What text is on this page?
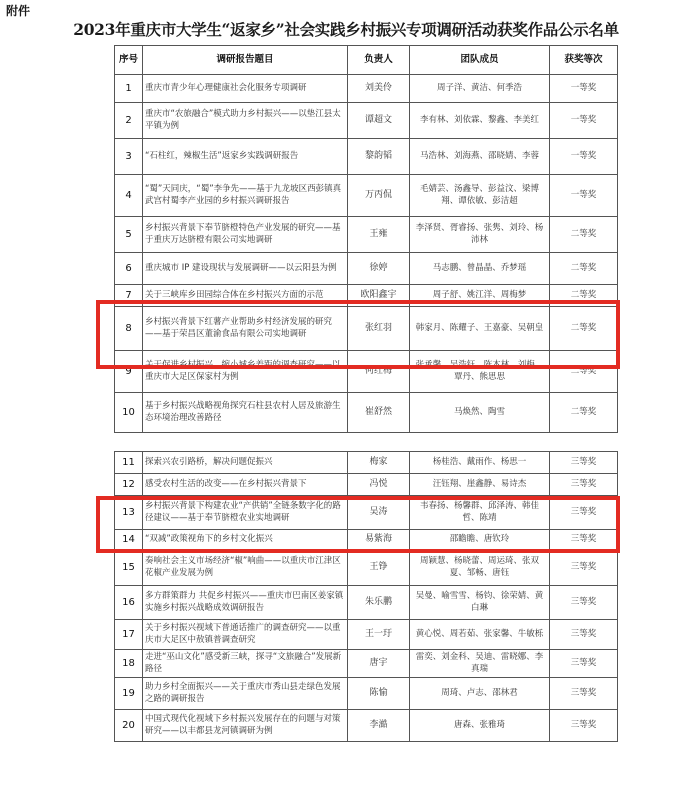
附件
2023年重庆市大学生“返家乡”社会实践乡村振兴专项调研活动获奖作品公示名单
序号	调研报告题目	负责人	团队成员	获奖等次
1	重庆市青少年心理健康社会化服务专项调研	刘美伶	周子洋、黄洁、何季浩	一等奖
2	重庆市“农旅融合”模式助力乡村振兴——以垫江县太平镇为例	谭超文	李有林、刘依霖、黎鑫、李美红	一等奖
3	“石柱红，辣椒生活”返家乡实践调研报告	黎韵韬	马浩林、刘海燕、邵晓婧、李蓉	一等奖
4	“蜀”天同庆，“蜀”李争先——基于九龙坡区西彭镇真武宫村蜀李产业园的乡村振兴调研报告	万丙侃	毛婧芸、汤鑫导、彭益汶、梁博翔、谭依敏、彭洁超	一等奖
5	乡村振兴背景下奉节脐橙特色产业发展的研究——基于重庆万达脐橙有限公司实地调研	王雍	李泽贤、胥睿扬、张隽、刘玲、杨沛林	二等奖
6	重庆城市 IP 建设现状与发展调研——以云阳县为例	徐婷	马志鹏、曾晶晶、乔梦瑶	二等奖
7	关于三峡库乡田园综合体在乡村振兴方面的示范	欧阳鑫宇	周子舒、姚江洋、周梅梦	二等奖
8	乡村振兴背景下红薯产业帮助乡村经济发展的研究——基于荣昌区董渝食品有限公司实地调研	张红羽	韩家月、陈耀子、王嘉豪、吴朝皇	二等奖
9	关于促进乡村振兴，缩小城乡差距的调查研究——以重庆市大足区保家村为例	何红梅	张承馨、吴浩钰、陈本林、刘梅、覃丹、熊思思	二等奖
10	基于乡村振兴战略视角探究石柱县农村人居及旅游生态环境治理改善路径	崔舒然	马焕然、陶雪	二等奖
11	探索兴农引路桥，解决问题促振兴	梅家	杨桂浩、戴雨作、杨思一	三等奖
12	感受农村生活的改变——在乡村振兴背景下	冯悦	汪钰翔、崖鑫静、易诗杰	三等奖
13	乡村振兴背景下构建农业“产供销”全链条数字化的路径建议——基于奉节脐橙农业实地调研	吴涛	韦春扬、杨馨群、邱泽涛、韩佳哲、陈靖	三等奖
14	“双减”政策视角下的乡村文化振兴	易紫海	邵瞻瞻、唐钦玲	三等奖
15	奏响社会主义市场经济“椒”响曲——以重庆市江津区花椒产业发展为例	王铮	周颖慧、杨晓蕾、周运琦、张双夏、邹畅、唐钰	三等奖
16	多方群策群力 共促乡村振兴——重庆市巴南区姜家镇实施乡村振兴战略成效调研报告	朱乐鹏	吴曼、喻雪雪、杨钧、徐荣婧、黄白琳	三等奖
17	关于乡村振兴视域下普通话推广的调查研究——以重庆市大足区中敖镇普调查研究	王一玗	黄心悦、周若茹、张家馨、牛敏栎	三等奖
18	走进“巫山文化”感受新三峡，探寻“文旅融合”发展新路径	唐宇	雷奕、刘金科、吴迪、雷晓娜、李真瑞	三等奖
19	助力乡村全面振兴——关于重庆市秀山县走绿色发展之路的调研报告	陈愉	周琦、卢志、邵林君	三等奖
20	中国式现代化视域下乡村振兴发展存在的问题与对策研究——以丰都县龙河镇调研为例	李澔	唐森、张雅琦	三等奖
